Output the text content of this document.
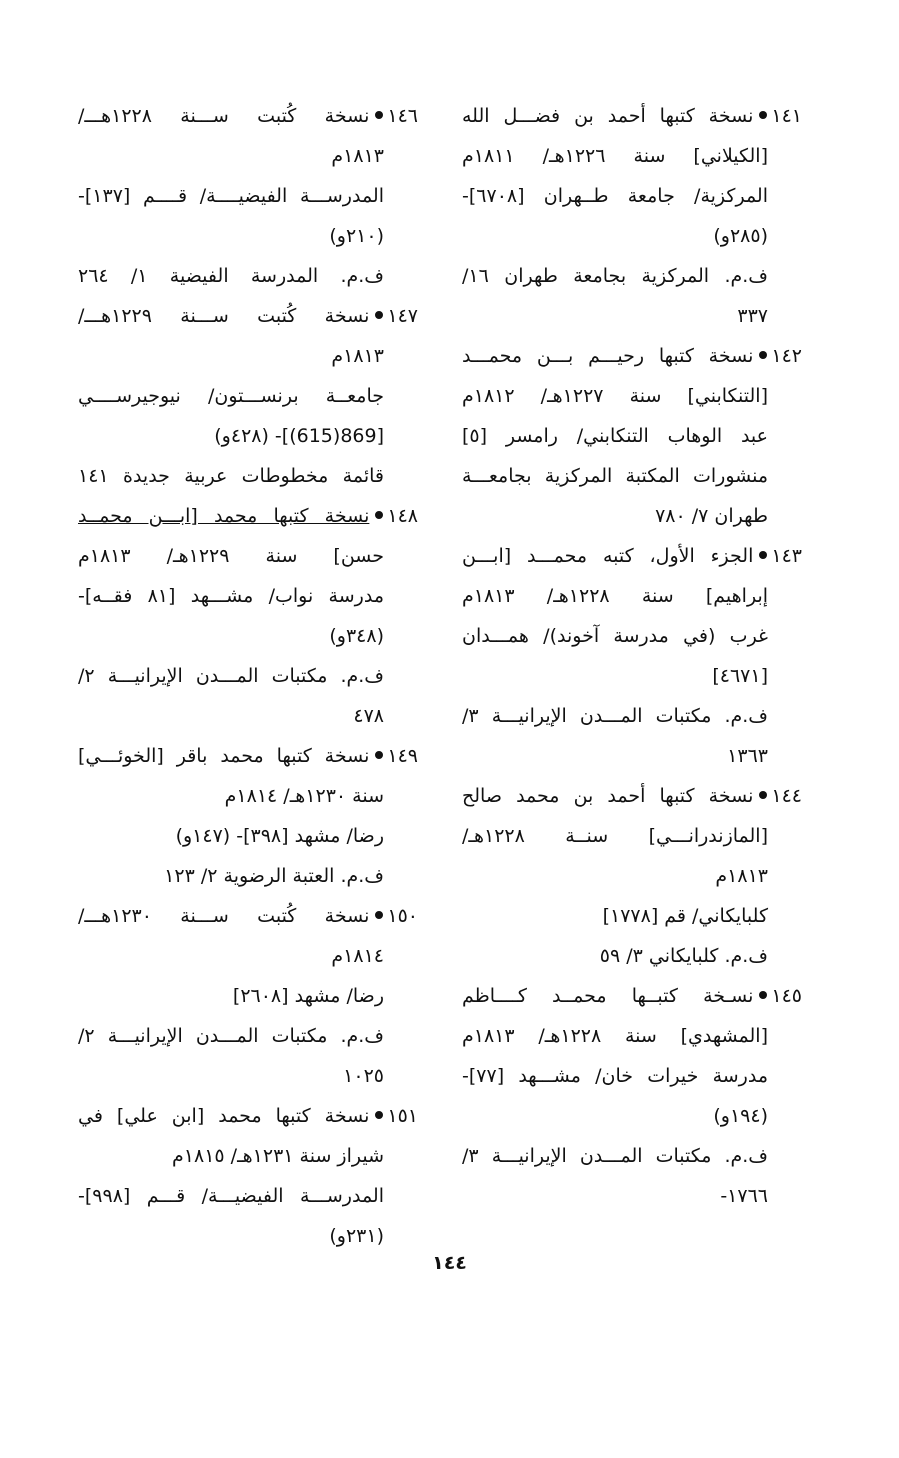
١٤١نسخة كتبها أحمد بن فضـــل الله
[الكيلاني] سنة ١٢٢٦هـ/ ١٨١١م
المركزية/ جامعة طــهران [٦٧٠٨]-
(٢٨٥و)
ف.م. المركزية بجامعة طهران ١٦/
٣٣٧
١٤٢نسخة كتبها رحيـــم بـــن محمـــد
[التنكابني] سنة ١٢٢٧هـ/ ١٨١٢م
عبد الوهاب التنكابني/ رامسر [٥]
منشورات المكتبة المركزية بجامعـــة
طهران ٧/ ٧٨٠
١٤٣الجزء الأول، كتبه محمـــد [ابـــن
إبراهيم] سنة ١٢٢٨هـ/ ١٨١٣م
غرب (في مدرسة آخوند)/ همـــدان
[٤٦٧١]
ف.م. مكتبات المـــدن الإيرانيـــة ٣/
١٣٦٣
١٤٤نسخة كتبها أحمد بن محمد صالح
[المازندرانـــي] سنــة ١٢٢٨هـ/
١٨١٣م
كلبايكاني/ قم [١٧٧٨]
ف.م. كلبايكاني ٣/ ٥٩
١٤٥نسـخة كتبــها محمــد كــــاظم
[المشهدي] سنة ١٢٢٨هـ/ ١٨١٣م
مدرسة خيرات خان/ مشـــهد [٧٧]-
(١٩٤و)
ف.م. مكتبات المـــدن الإيرانيـــة ٣/
١٧٦٦-
١٤٦نسخة كُتبت ســـنة ١٢٢٨هـــ/
١٨١٣م
المدرســـة الفيضيــــة/ قــــم [١٣٧]-
(٢١٠و)
ف.م. المدرسة الفيضية ١/ ٢٦٤
١٤٧نسخة كُتبت ســـنة ١٢٢٩هـــ/
١٨١٣م
جامعــة برنســـتون/ نيوجيرســــي
[869(615)]- (٤٢٨و)
قائمة مخطوطات عربية جديدة ١٤١
١٤٨نسخة كتبها محمد [ابـــن محمــد
حسن] سنة ١٢٢٩هـ/ ١٨١٣م
مدرسة نواب/ مشـــهد [٨١ فقــه]-
(٣٤٨و)
ف.م. مكتبات المـــدن الإيرانيـــة ٢/
٤٧٨
١٤٩نسخة كتبها محمد باقر [الخوئـــي]
سنة ١٢٣٠هـ/ ١٨١٤م
رضا/ مشهد [٣٩٨]- (١٤٧و)
ف.م. العتبة الرضوية ٢/ ١٢٣
١٥٠نسخة كُتبت ســـنة ١٢٣٠هـــ/
١٨١٤م
رضا/ مشهد [٢٦٠٨]
ف.م. مكتبات المـــدن الإيرانيـــة ٢/
١٠٢٥
١٥١نسخة كتبها محمد [ابن علي] في
شيراز سنة ١٢٣١هـ/ ١٨١٥م
المدرســـة الفيضيـــة/ قـــم [٩٩٨]-
(٢٣١و)
١٤٤
